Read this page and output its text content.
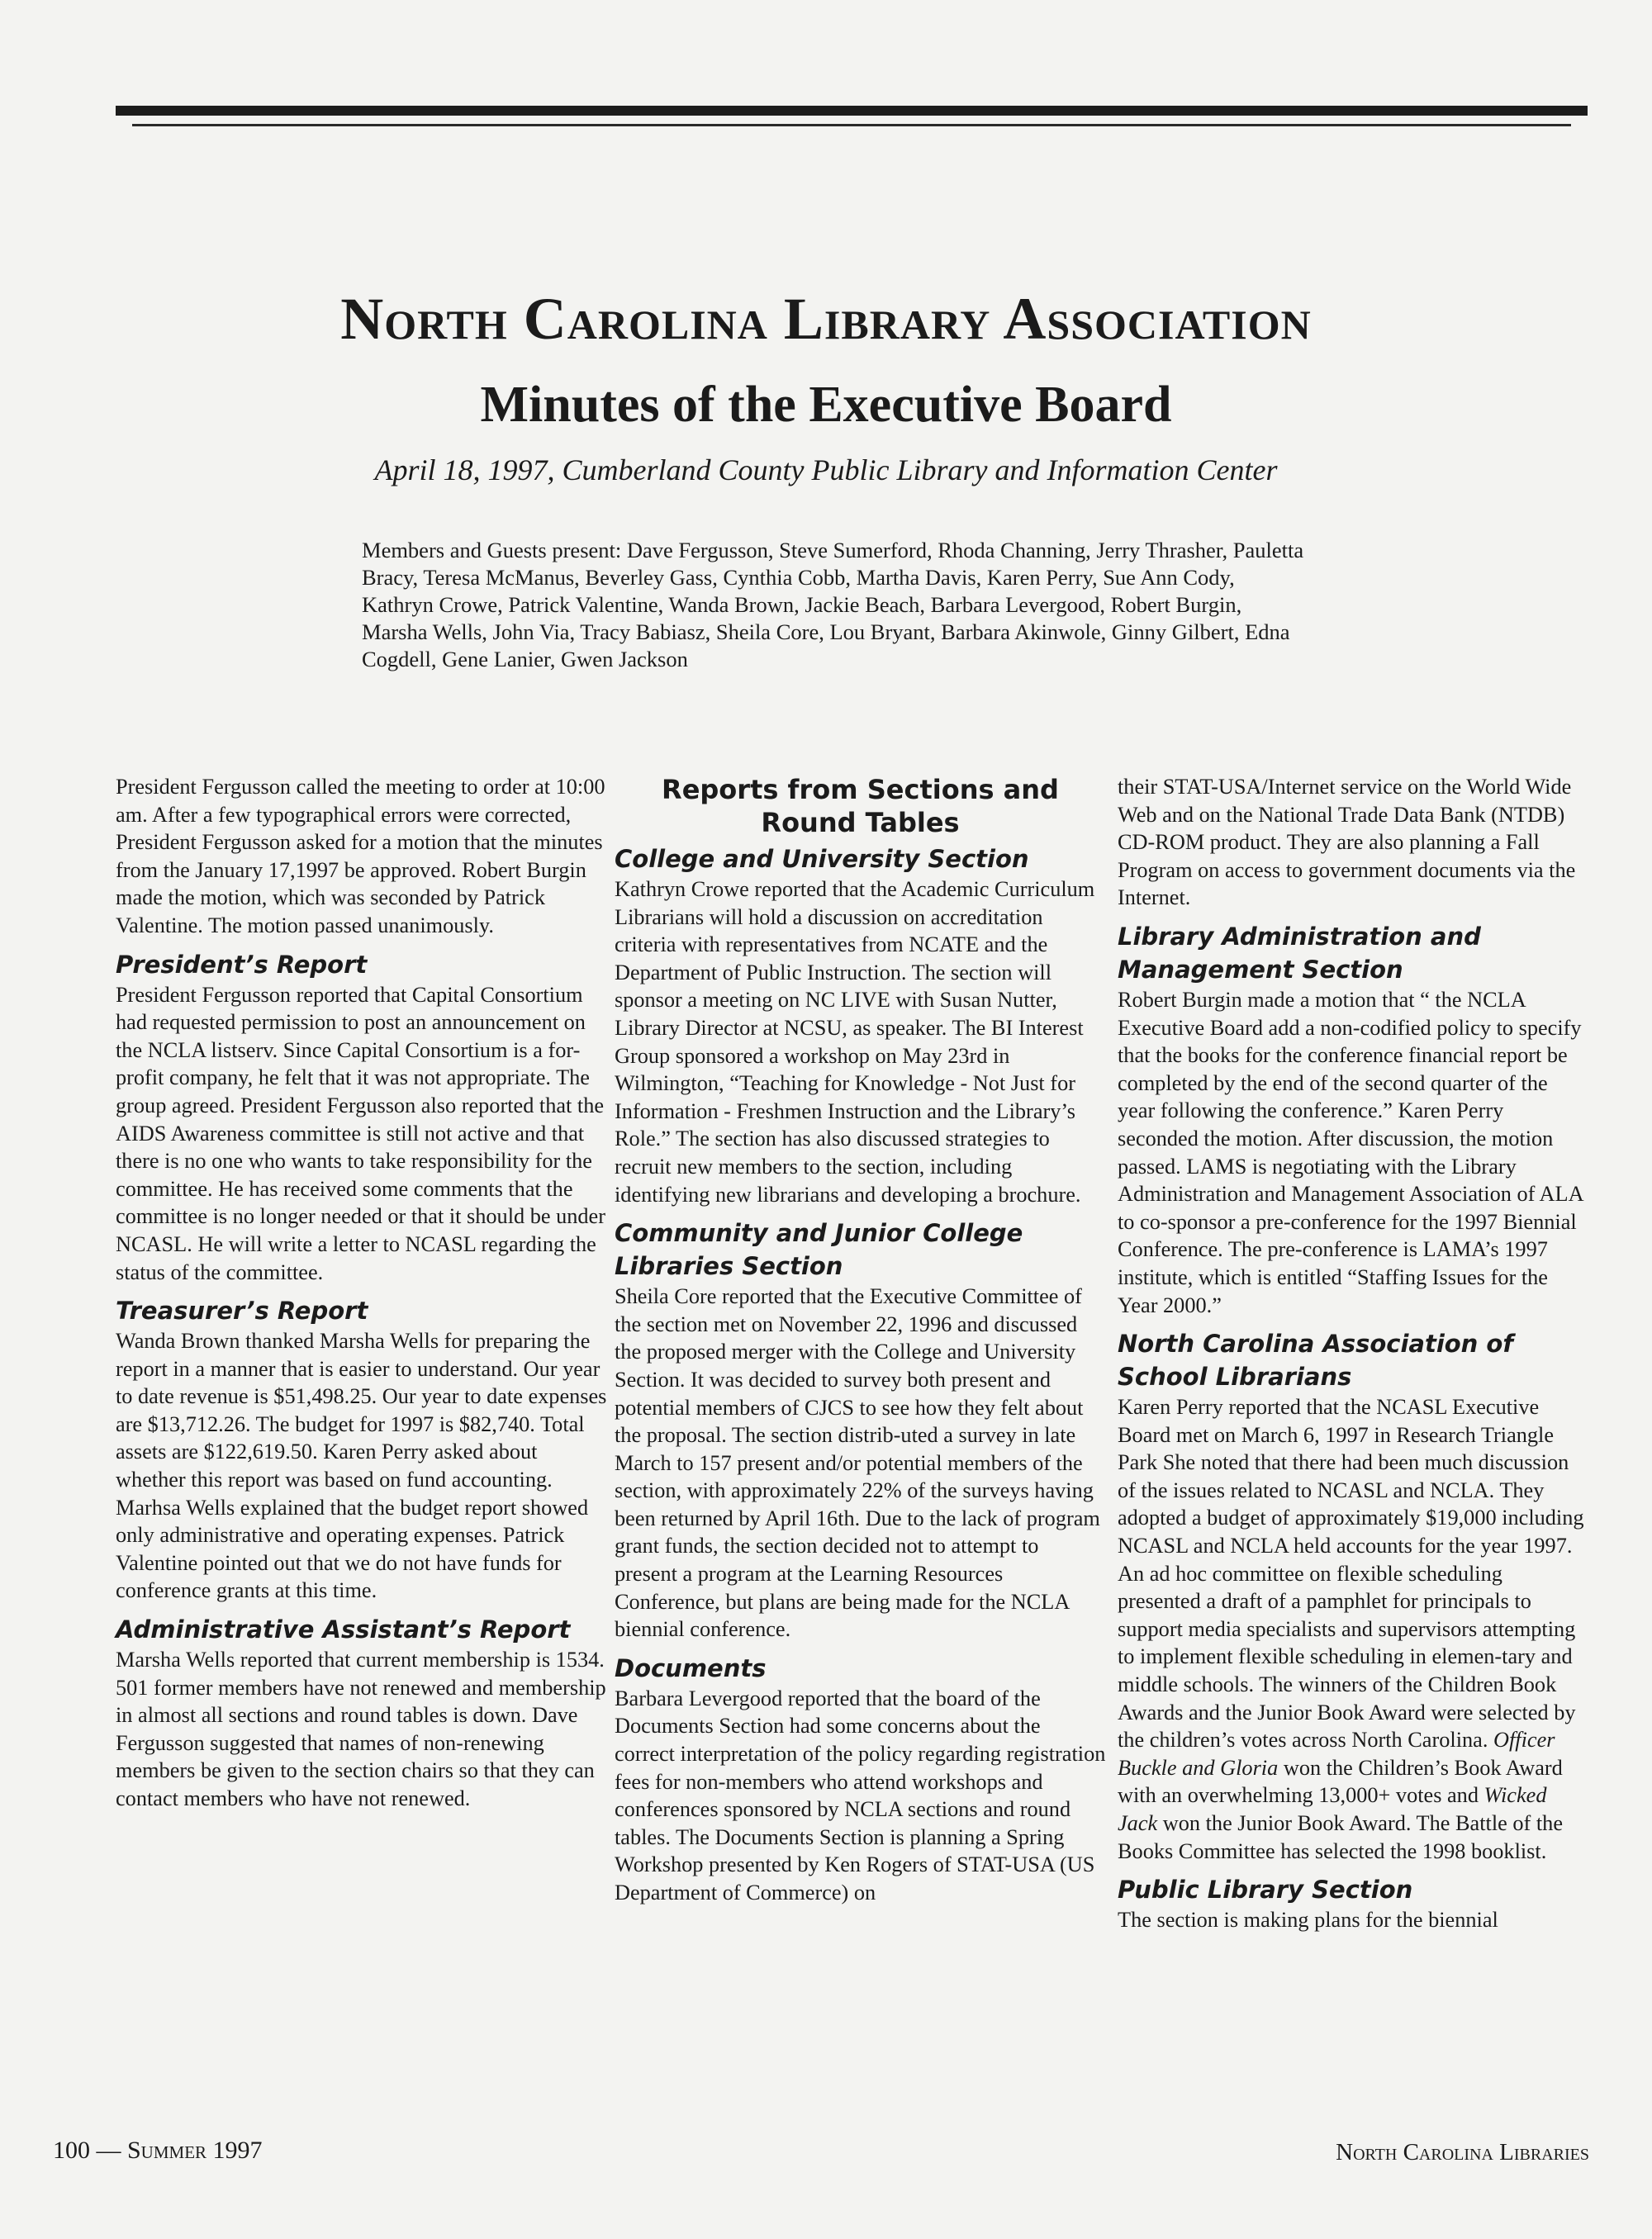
North Carolina Library Association
Minutes of the Executive Board
April 18, 1997, Cumberland County Public Library and Information Center
Members and Guests present: Dave Fergusson, Steve Sumerford, Rhoda Channing, Jerry Thrasher, Pauletta Bracy, Teresa McManus, Beverley Gass, Cynthia Cobb, Martha Davis, Karen Perry, Sue Ann Cody, Kathryn Crowe, Patrick Valentine, Wanda Brown, Jackie Beach, Barbara Levergood, Robert Burgin, Marsha Wells, John Via, Tracy Babiasz, Sheila Core, Lou Bryant, Barbara Akinwole, Ginny Gilbert, Edna Cogdell, Gene Lanier, Gwen Jackson

President Fergusson called the meeting to order at 10:00 am. After a few typographical errors were corrected, President Fergusson asked for a motion that the minutes from the January 17,1997 be approved. Robert Burgin made the motion, which was seconded by Patrick Valentine. The motion passed unanimously.

President’s Report

President Fergusson reported that Capital Consortium had requested permission to post an announcement on the NCLA listserv. Since Capital Consortium is a for-profit company, he felt that it was not appropriate. The group agreed. President Fergusson also reported that the AIDS Awareness committee is still not active and that there is no one who wants to take responsibility for the committee. He has received some comments that the committee is no longer needed or that it should be under NCASL. He will write a letter to NCASL regarding the status of the committee.

Treasurer’s Report

Wanda Brown thanked Marsha Wells for preparing the report in a manner that is easier to understand. Our year to date revenue is $51,498.25. Our year to date expenses are $13,712.26. The budget for 1997 is $82,740. Total assets are $122,619.50. Karen Perry asked about whether this report was based on fund accounting. Marhsa Wells explained that the budget report showed only administrative and operating expenses. Patrick Valentine pointed out that we do not have funds for conference grants at this time.

Administrative Assistant’s Report

Marsha Wells reported that current membership is 1534. 501 former members have not renewed and membership in almost all sections and round tables is down. Dave Fergusson suggested that names of non-renewing members be given to the section chairs so that they can contact members who have not renewed.

Reports from Sections and Round Tables
College and University Section

Kathryn Crowe reported that the Academic Curriculum Librarians will hold a discussion on accreditation criteria with representatives from NCATE and the Department of Public Instruction. The section will sponsor a meeting on NC LIVE with Susan Nutter, Library Director at NCSU, as speaker. The BI Interest Group sponsored a workshop on May 23rd in Wilmington, “Teaching for Knowledge - Not Just for Information - Freshmen Instruction and the Library’s Role.” The section has also discussed strategies to recruit new members to the section, including identifying new librarians and developing a brochure.

Community and Junior College Libraries Section

Sheila Core reported that the Executive Committee of the section met on November 22, 1996 and discussed the proposed merger with the College and University Section. It was decided to survey both present and potential members of CJCS to see how they felt about the proposal. The section distrib-uted a survey in late March to 157 present and/or potential members of the section, with approximately 22% of the surveys having been returned by April 16th. Due to the lack of program grant funds, the section decided not to attempt to present a program at the Learning Resources Conference, but plans are being made for the NCLA biennial conference.

Documents

Barbara Levergood reported that the board of the Documents Section had some concerns about the correct interpretation of the policy regarding registration fees for non-members who attend workshops and conferences sponsored by NCLA sections and round tables. The Documents Section is planning a Spring Workshop presented by Ken Rogers of STAT-USA (US Department of Commerce) on

their STAT-USA/Internet service on the World Wide Web and on the National Trade Data Bank (NTDB) CD-ROM product. They are also planning a Fall Program on access to government documents via the Internet.

Library Administration and Management Section

Robert Burgin made a motion that “ the NCLA Executive Board add a non-codified policy to specify that the books for the conference financial report be completed by the end of the second quarter of the year following the conference.” Karen Perry seconded the motion. After discussion, the motion passed. LAMS is negotiating with the Library Administration and Management Association of ALA to co-sponsor a pre-conference for the 1997 Biennial Conference. The pre-conference is LAMA’s 1997 institute, which is entitled “Staffing Issues for the Year 2000.”

North Carolina Association of School Librarians

Karen Perry reported that the NCASL Executive Board met on March 6, 1997 in Research Triangle Park She noted that there had been much discussion of the issues related to NCASL and NCLA. They adopted a budget of approximately $19,000 including NCASL and NCLA held accounts for the year 1997. An ad hoc committee on flexible scheduling presented a draft of a pamphlet for principals to support media specialists and supervisors attempting to implement flexible scheduling in elemen-tary and middle schools. The winners of the Children Book Awards and the Junior Book Award were selected by the children’s votes across North Carolina. Officer Buckle and Gloria won the Children’s Book Award with an overwhelming 13,000+ votes and Wicked Jack won the Junior Book Award. The Battle of the Books Committee has selected the 1998 booklist.

Public Library Section

The section is making plans for the biennial

100 — Summer 1997	North Carolina Libraries
